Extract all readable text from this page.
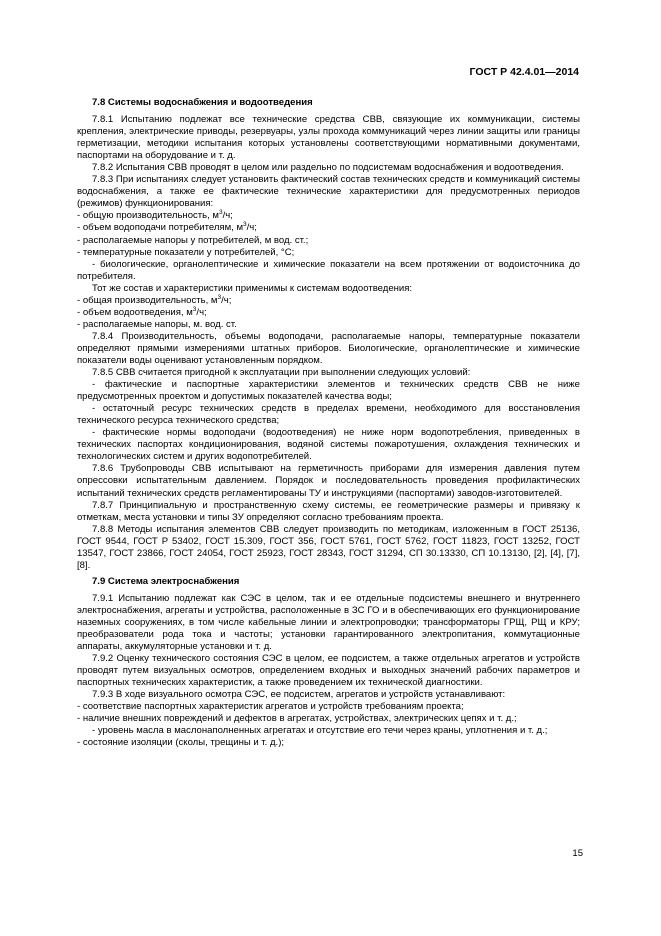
ГОСТ Р 42.4.01—2014

7.8 Системы водоснабжения и водоотведения

7.8.1 Испытанию подлежат все технические средства СВВ, связующие их коммуникации, системы крепления, электрические приводы, резервуары, узлы прохода коммуникаций через линии защиты или границы герметизации, методики испытания которых установлены соответствующими нормативными документами, паспортами на оборудование и т. д.

7.8.2 Испытания СВВ проводят в целом или раздельно по подсистемам водоснабжения и водоотведения.

7.8.3 При испытаниях следует установить фактический состав технических средств и коммуникаций системы водоснабжения, а также ее фактические технические характеристики для предусмотренных периодов (режимов) функционирования:

- общую производительность, $м^3/ч$;

- объем водоподачи потребителям, $м^3/ч$;

- располагаемые напоры у потребителей, м вод. ст.;

- температурные показатели у потребителей, °С;

- биологические, органолептические и химические показатели на всем протяжении от водоисточника до потребителя.

Тот же состав и характеристики применимы к системам водоотведения:

- общая производительность, $м^3/ч$;

- объем водоотведения, $м^3/ч$;

- располагаемые напоры, м. вод. ст.

7.8.4 Производительность, объемы водоподачи, располагаемые напоры, температурные показатели определяют прямыми измерениями штатных приборов. Биологические, органолептические и химические показатели воды оценивают установленным порядком.

7.8.5 СВВ считается пригодной к эксплуатации при выполнении следующих условий:

- фактические и паспортные характеристики элементов и технических средств СВВ не ниже предусмотренных проектом и допустимых показателей качества воды;

- остаточный ресурс технических средств в пределах времени, необходимого для восстановления технического ресурса технического средства;

- фактические нормы водоподачи (водоотведения) не ниже норм водопотребления, приведенных в технических паспортах кондиционирования, водяной системы пожаротушения, охлаждения технических и технологических систем и других водопотребителей.

7.8.6 Трубопроводы СВВ испытывают на герметичность приборами для измерения давления путем опрессовки испытательным давлением. Порядок и последовательность проведения профилактических испытаний технических средств регламентированы ТУ и инструкциями (паспортами) заводов-изготовителей.

7.8.7 Принципиальную и пространственную схему системы, ее геометрические размеры и привязку к отметкам, места установки и типы ЗУ определяют согласно требованиям проекта.

7.8.8 Методы испытания элементов СВВ следует производить по методикам, изложенным в ГОСТ 25136, ГОСТ 9544, ГОСТ Р 53402, ГОСТ 15.309, ГОСТ 356, ГОСТ 5761, ГОСТ 5762, ГОСТ 11823, ГОСТ 13252, ГОСТ 13547, ГОСТ 23866, ГОСТ 24054, ГОСТ 25923, ГОСТ 28343, ГОСТ 31294, СП 30.13330, СП 10.13130, [2], [4], [7], [8].

7.9 Система электроснабжения

7.9.1 Испытанию подлежат как СЭС в целом, так и ее отдельные подсистемы внешнего и внутреннего электроснабжения, агрегаты и устройства, расположенные в ЗС ГО и в обеспечивающих его функционирование наземных сооружениях, в том числе кабельные линии и электропроводки; трансформаторы ГРЩ, РЩ и КРУ; преобразователи рода тока и частоты; установки гарантированного электропитания, коммутационные аппараты, аккумуляторные установки и т. д.

7.9.2 Оценку технического состояния СЭС в целом, ее подсистем, а также отдельных агрегатов и устройств проводят путем визуальных осмотров, определением входных и выходных значений рабочих параметров и паспортных технических характеристик, а также проведением их технической диагностики.

7.9.3 В ходе визуального осмотра СЭС, ее подсистем, агрегатов и устройств устанавливают:

- соответствие паспортных характеристик агрегатов и устройств требованиям проекта;

- наличие внешних повреждений и дефектов в агрегатах, устройствах, электрических цепях и т. д.;

- уровень масла в маслонаполненных агрегатах и отсутствие его течи через краны, уплотнения и т. д.;

- состояние изоляции (сколы, трещины и т. д.);

15
